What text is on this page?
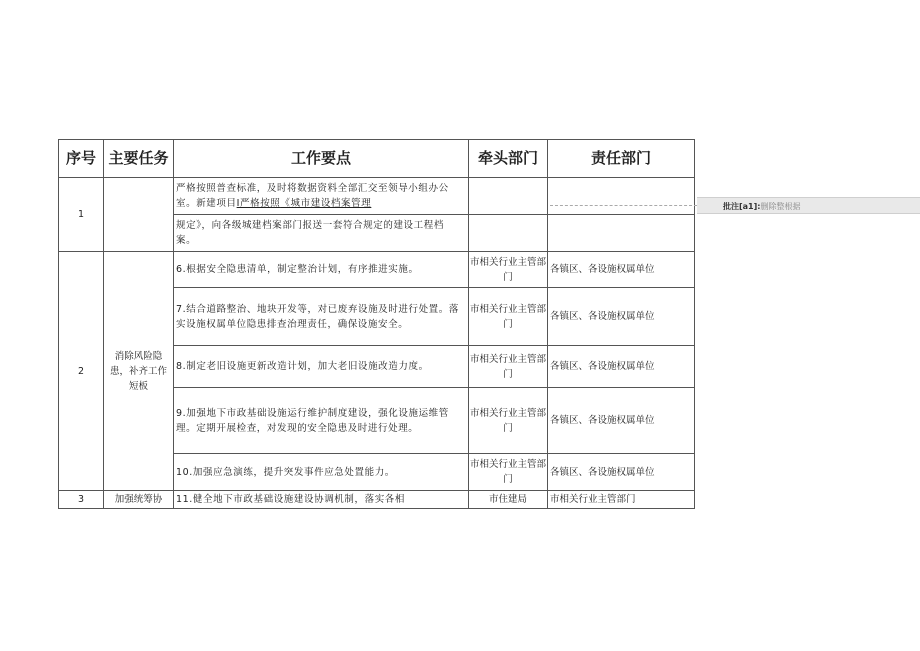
序号	主要任务	工作要点	牵头部门	责任部门
1		严格按照普查标准，及时将数据资料全部汇交至领导小组办公
室。新建项目I严格按照《城市建设档案管理		

		规定》，向各级城建档案部门报送一套符合规定的建设工程档
案。		

2	消除风险隐患，补齐工作短板	6.根据安全隐患清单，制定整治计划，有序推进实施。	市相关行业主管部门	各镇区、各设施权属单位
		7.结合道路整治、地块开发等，对已废弃设施及时进行处置。落实设施权属单位隐患排查治理责任，确保设施安全。	市相关行业主管部门	各镇区、各设施权属单位
		8.制定老旧设施更新改造计划，加大老旧设施改造力度。	市相关行业主管部门	各镇区、各设施权属单位
		9.加强地下市政基础设施运行维护制度建设，强化设施运维管理。定期开展检查，对发现的安全隐患及时进行处理。	市相关行业主管部门	各镇区、各设施权属单位
		10.加强应急演练，提升突发事件应急处置能力。	市相关行业主管部门	各镇区、各设施权属单位
3	加强统筹协	11.健全地下市政基础设施建设协调机制，落实各相	市住建局	市相关行业主管部门
批注[a1]:删除整根据
